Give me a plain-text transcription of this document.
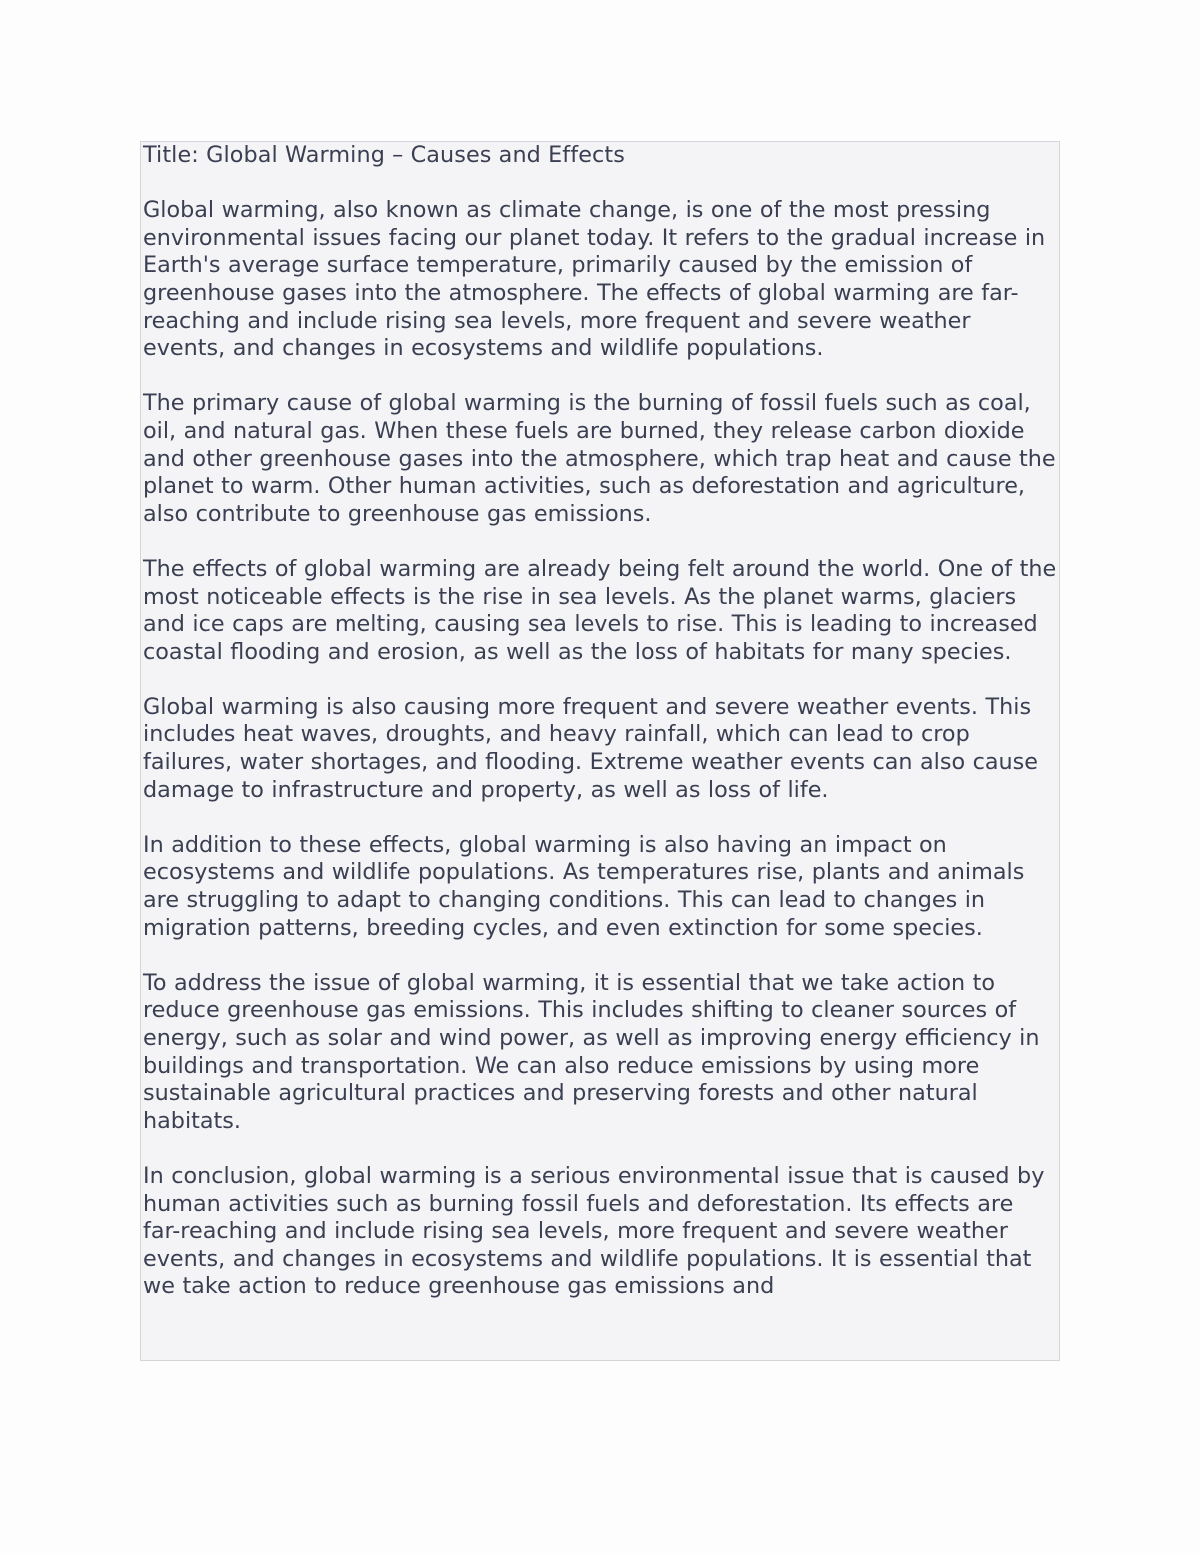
Title: Global Warming – Causes and Effects

Global warming, also known as climate change, is one of the most pressing environmental issues facing our planet today. It refers to the gradual increase in Earth's average surface temperature, primarily caused by the emission of greenhouse gases into the atmosphere. The effects of global warming are far-reaching and include rising sea levels, more frequent and severe weather events, and changes in ecosystems and wildlife populations.

The primary cause of global warming is the burning of fossil fuels such as coal, oil, and natural gas. When these fuels are burned, they release carbon dioxide and other greenhouse gases into the atmosphere, which trap heat and cause the planet to warm. Other human activities, such as deforestation and agriculture, also contribute to greenhouse gas emissions.

The effects of global warming are already being felt around the world. One of the most noticeable effects is the rise in sea levels. As the planet warms, glaciers and ice caps are melting, causing sea levels to rise. This is leading to increased coastal flooding and erosion, as well as the loss of habitats for many species.

Global warming is also causing more frequent and severe weather events. This includes heat waves, droughts, and heavy rainfall, which can lead to crop failures, water shortages, and flooding. Extreme weather events can also cause damage to infrastructure and property, as well as loss of life.

In addition to these effects, global warming is also having an impact on ecosystems and wildlife populations. As temperatures rise, plants and animals are struggling to adapt to changing conditions. This can lead to changes in migration patterns, breeding cycles, and even extinction for some species.

To address the issue of global warming, it is essential that we take action to reduce greenhouse gas emissions. This includes shifting to cleaner sources of energy, such as solar and wind power, as well as improving energy efficiency in buildings and transportation. We can also reduce emissions by using more sustainable agricultural practices and preserving forests and other natural habitats.

In conclusion, global warming is a serious environmental issue that is caused by human activities such as burning fossil fuels and deforestation. Its effects are far-reaching and include rising sea levels, more frequent and severe weather events, and changes in ecosystems and wildlife populations. It is essential that we take action to reduce greenhouse gas emissions and
